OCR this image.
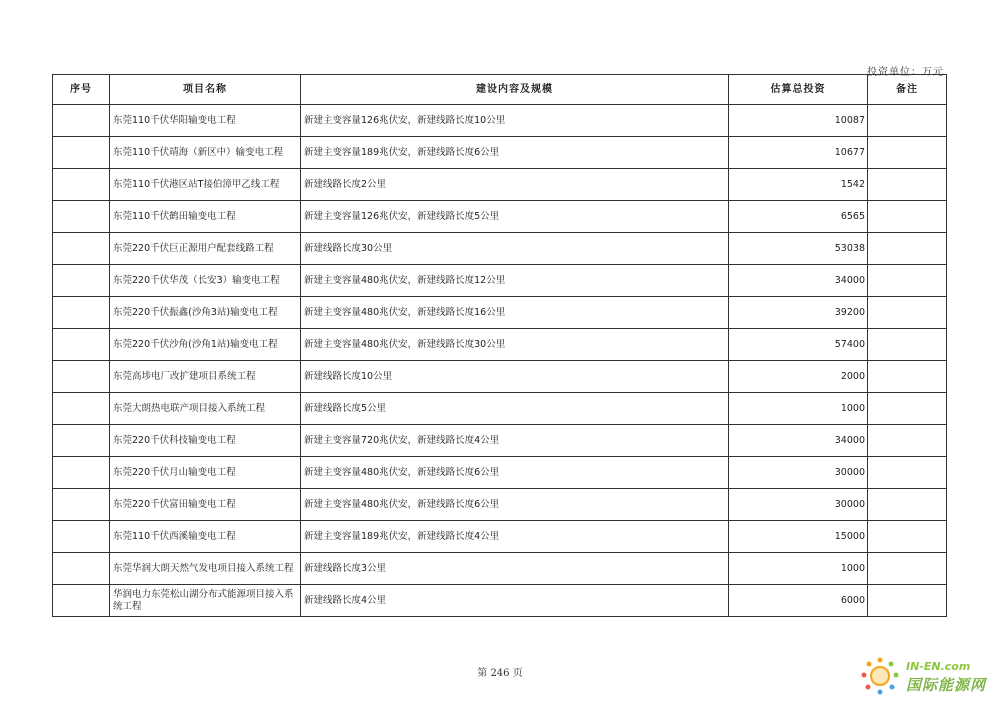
投资单位：万元
序号	项目名称	建设内容及规模	估算总投资	备注
	东莞110千伏华阳输变电工程	新建主变容量126兆伏安，新建线路长度10公里	10087	
	东莞110千伏靖海（新区中）输变电工程	新建主变容量189兆伏安，新建线路长度6公里	10677	
	东莞110千伏港区站T接伯漳甲乙线工程	新建线路长度2公里	1542	
	东莞110千伏鹤田输变电工程	新建主变容量126兆伏安，新建线路长度5公里	6565	
	东莞220千伏巨正源用户配套线路工程	新建线路长度30公里	53038	
	东莞220千伏华茂（长安3）输变电工程	新建主变容量480兆伏安，新建线路长度12公里	34000	
	东莞220千伏振鑫(沙角3站)输变电工程	新建主变容量480兆伏安，新建线路长度16公里	39200	
	东莞220千伏沙角(沙角1站)输变电工程	新建主变容量480兆伏安，新建线路长度30公里	57400	
	东莞高埗电厂改扩建项目系统工程	新建线路长度10公里	2000	
	东莞大朗热电联产项目接入系统工程	新建线路长度5公里	1000	
	东莞220千伏科技输变电工程	新建主变容量720兆伏安，新建线路长度4公里	34000	
	东莞220千伏月山输变电工程	新建主变容量480兆伏安，新建线路长度6公里	30000	
	东莞220千伏富田输变电工程	新建主变容量480兆伏安，新建线路长度6公里	30000	
	东莞110千伏西溪输变电工程	新建主变容量189兆伏安，新建线路长度4公里	15000	
	东莞华润大朗天然气发电项目接入系统工程	新建线路长度3公里	1000	
	华润电力东莞松山湖分布式能源项目接入系统工程	新建线路长度4公里	6000	
第 246 页
IN-EN.com
国际能源网
